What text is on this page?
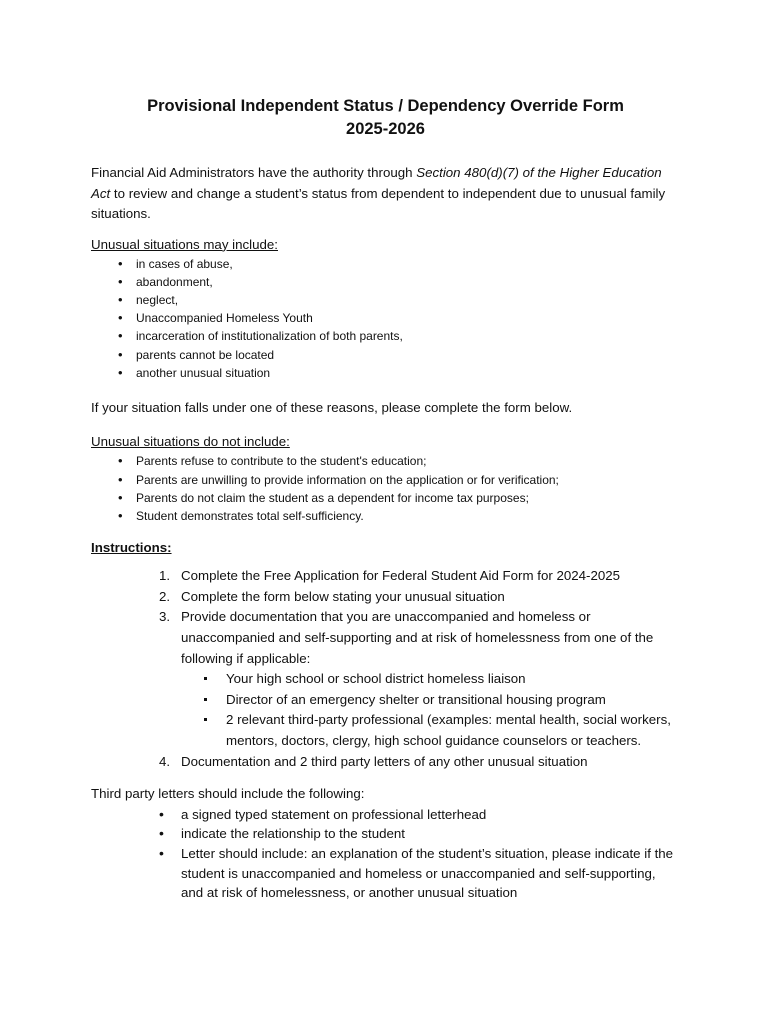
Provisional Independent Status / Dependency Override Form
2025-2026

Financial Aid Administrators have the authority through Section 480(d)(7) of the Higher Education Act to review and change a student’s status from dependent to independent due to unusual family situations.

Unusual situations may include:
• in cases of abuse,
• abandonment,
• neglect,
• Unaccompanied Homeless Youth
• incarceration of institutionalization of both parents,
• parents cannot be located
• another unusual situation

If your situation falls under one of these reasons, please complete the form below.

Unusual situations do not include:
• Parents refuse to contribute to the student's education;
• Parents are unwilling to provide information on the application or for verification;
• Parents do not claim the student as a dependent for income tax purposes;
• Student demonstrates total self-sufficiency.
Instructions:
1. Complete the Free Application for Federal Student Aid Form for 2024-2025
2. Complete the form below stating your unusual situation
3. Provide documentation that you are unaccompanied and homeless or unaccompanied and self-supporting and at risk of homelessness from one of the following if applicable:
Your high school or school district homeless liaison
Director of an emergency shelter or transitional housing program
2 relevant third-party professional (examples: mental health, social workers, mentors, doctors, clergy, high school guidance counselors or teachers.
4. Documentation and 2 third party letters of any other unusual situation

Third party letters should include the following:

• a signed typed statement on professional letterhead
• indicate the relationship to the student
• Letter should include: an explanation of the student’s situation, please indicate if the student is unaccompanied and homeless or unaccompanied and self-supporting, and at risk of homelessness, or another unusual situation
